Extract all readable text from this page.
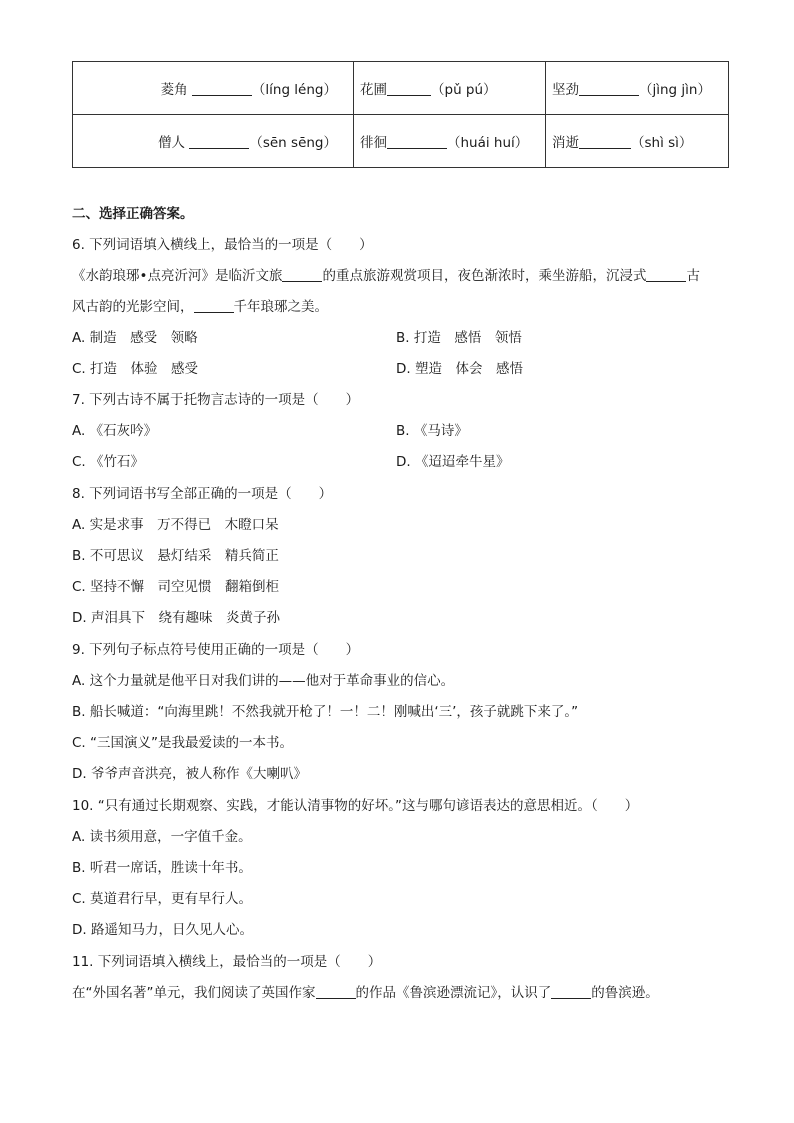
菱角 （líng léng）	花圃 （pǔ pú）	坚劲 （jìng jìn）
僧人 （sēn sēng）	徘徊 （huái huí）	消逝 （shì sì）
二、选择正确答案。
6. 下列词语填入横线上，最恰当的一项是（　　）
《水韵琅琊•点亮沂河》是临沂文旅	的重点旅游观赏项目，夜色渐浓时，乘坐游船，沉浸式	古
风古韵的光影空间，	千年琅琊之美。
A. 制造　感受　领略	B. 打造　感悟　领悟
C. 打造　体验　感受	D. 塑造　体会　感悟
7. 下列古诗不属于托物言志诗的一项是（　　）
A. 《石灰吟》	B. 《马诗》
C. 《竹石》	D. 《迢迢牵牛星》
8. 下列词语书写全部正确的一项是（　　）
A. 实是求事　万不得已　木瞪口呆
B. 不可思议　悬灯结采　精兵简正
C. 坚持不懈　司空见惯　翻箱倒柜
D. 声泪具下　绕有趣味　炎黄子孙
9. 下列句子标点符号使用正确的一项是（　　）
A. 这个力量就是他平日对我们讲的——他对于革命事业的信心。
B. 船长喊道：“向海里跳！不然我就开枪了！一！二！刚喊出‘三’，孩子就跳下来了。”
C. “三国演义”是我最爱读的一本书。
D. 爷爷声音洪亮，被人称作《大喇叭》
10. “只有通过长期观察、实践，才能认清事物的好坏。”这与哪句谚语表达的意思相近。（　　）
A. 读书须用意，一字值千金。
B. 听君一席话，胜读十年书。
C. 莫道君行早，更有早行人。
D. 路遥知马力，日久见人心。
11. 下列词语填入横线上，最恰当的一项是（　　）
在“外国名著”单元，我们阅读了英国作家	的作品《鲁滨逊漂流记》，认识了	的鲁滨逊。
